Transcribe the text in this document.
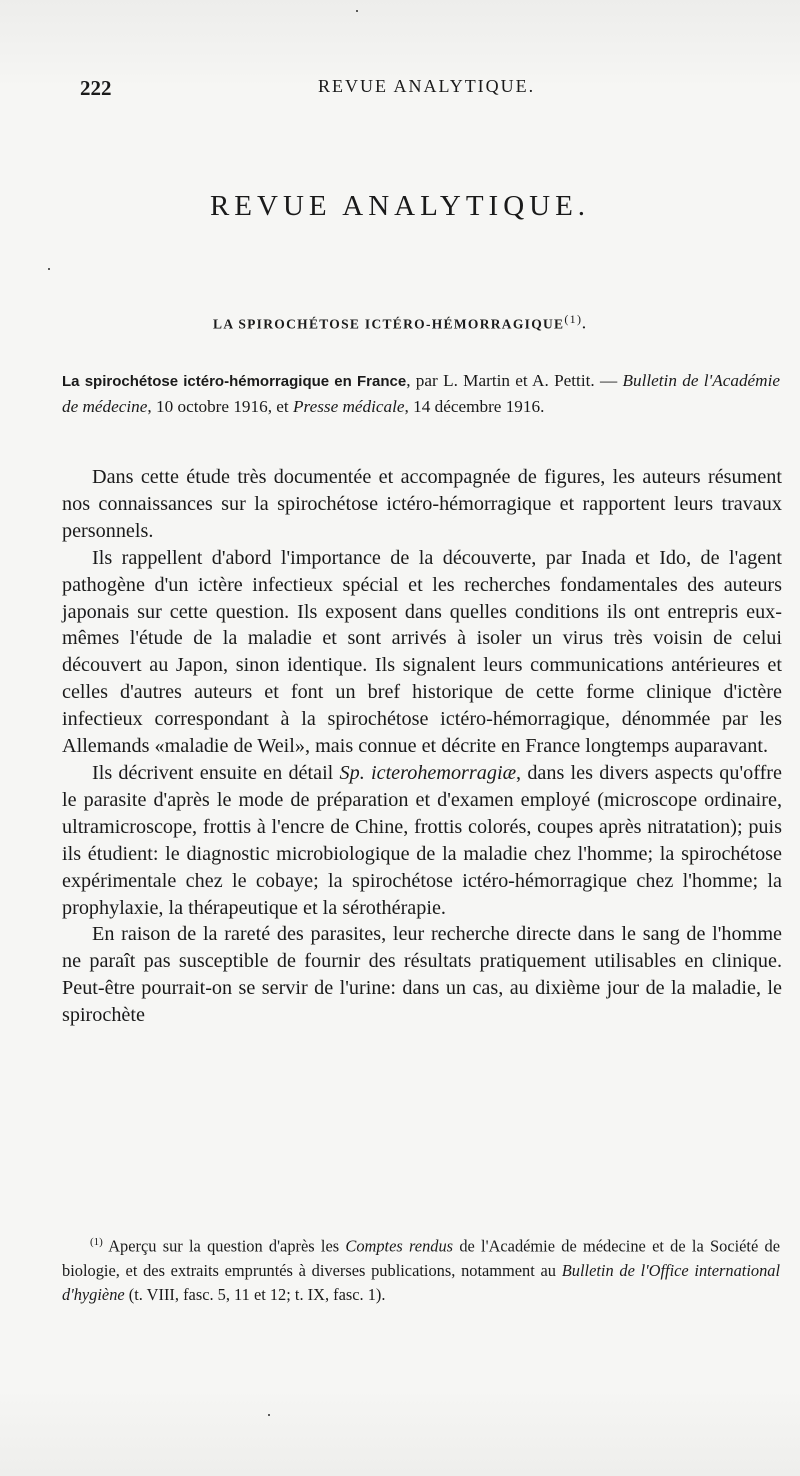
222	REVUE ANALYTIQUE.
REVUE ANALYTIQUE.
LA SPIROCHÉTOSE ICTÉRO-HÉMORRAGIQUE$^{(1)}$.
La spirochétose ictéro-hémorragique en France, par L. Martin et A. Pettit. — Bulletin de l'Académie de médecine, 10 octobre 1916, et Presse médicale, 14 décembre 1916.

Dans cette étude très documentée et accompagnée de figures, les auteurs résument nos connaissances sur la spirochétose ictéro-hémorragique et rapportent leurs travaux personnels.

Ils rappellent d'abord l'importance de la découverte, par Inada et Ido, de l'agent pathogène d'un ictère infectieux spécial et les recherches fondamentales des auteurs japonais sur cette question. Ils exposent dans quelles conditions ils ont entrepris eux-mêmes l'étude de la maladie et sont arrivés à isoler un virus très voisin de celui découvert au Japon, sinon identique. Ils signalent leurs communications antérieures et celles d'autres auteurs et font un bref historique de cette forme clinique d'ictère infectieux correspondant à la spirochétose ictéro-hémorragique, dénommée par les Allemands «maladie de Weil», mais connue et décrite en France longtemps auparavant.

Ils décrivent ensuite en détail Sp. icterohemorragiæ, dans les divers aspects qu'offre le parasite d'après le mode de préparation et d'examen employé (microscope ordinaire, ultramicroscope, frottis à l'encre de Chine, frottis colorés, coupes après nitratation); puis ils étudient: le diagnostic microbiologique de la maladie chez l'homme; la spirochétose expérimentale chez le cobaye; la spirochétose ictéro-hémorragique chez l'homme; la prophylaxie, la thérapeutique et la sérothérapie.

En raison de la rareté des parasites, leur recherche directe dans le sang de l'homme ne paraît pas susceptible de fournir des résultats pratiquement utilisables en clinique. Peut-être pourrait-on se servir de l'urine: dans un cas, au dixième jour de la maladie, le spirochète

$^{(1)}$ Aperçu sur la question d'après les Comptes rendus de l'Académie de médecine et de la Société de biologie, et des extraits empruntés à diverses publications, notamment au Bulletin de l'Office international d'hygiène (t. VIII, fasc. 5, 11 et 12; t. IX, fasc. 1).
